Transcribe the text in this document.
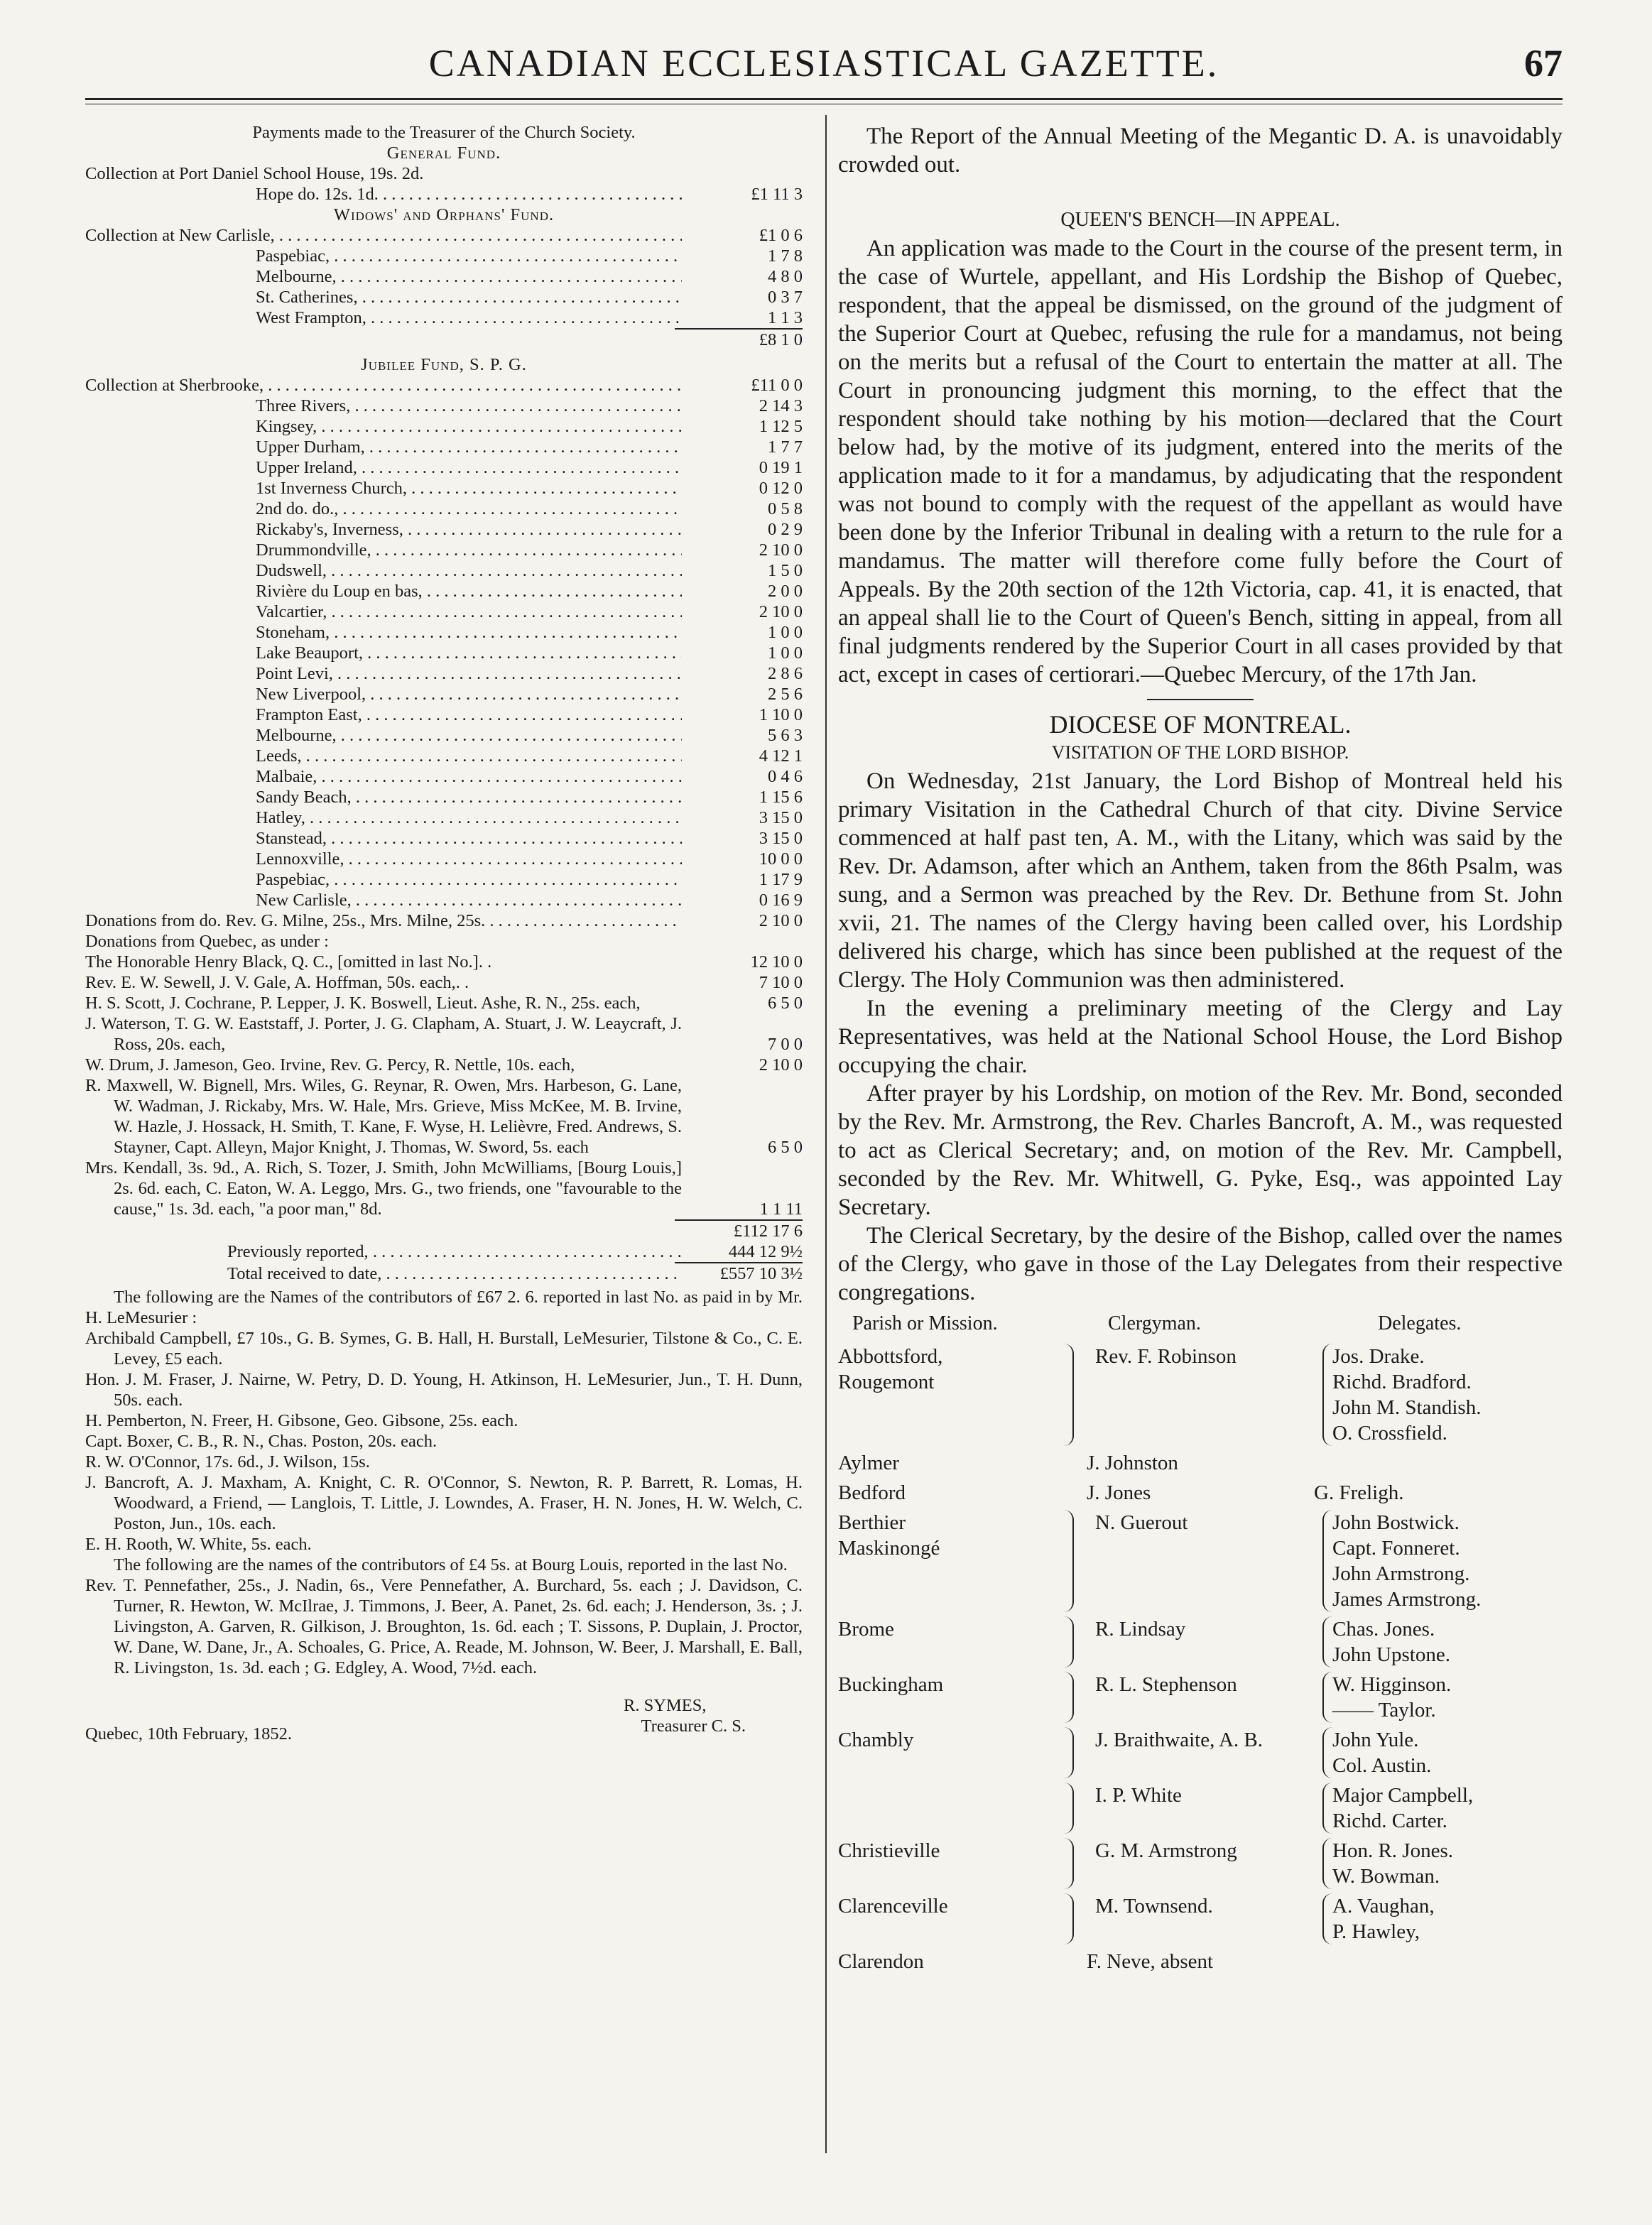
CANADIAN ECCLESIASTICAL GAZETTE.	67
Payments made to the Treasurer of the Church Society.
General Fund.
Collection at Port Daniel School House, 19s. 2d.
Hope do. 12s. 1d. . . .	£1 11 3
Widows' and Orphans' Fund.
Collection at New Carlisle, . . .	£1 0 6
Paspebiac, . . .	1 7 8
Melbourne, . . .	4 8 0
St. Catherines, . . .	0 3 7
West Frampton, . . .	1 1 3
£8 1 0
Jubilee Fund, S. P. G.
Collection at Sherbrooke, . . .	£11 0 0
Three Rivers, . . .	2 14 3
Kingsey, . . .	1 12 5
Upper Durham, . . .	1 7 7
Upper Ireland, . . .	0 19 1
1st Inverness Church, . . .	0 12 0
2nd do. do., . . .	0 5 8
Rickaby's, Inverness, . . .	0 2 9
Drummondville, . . .	2 10 0
Dudswell, . . .	1 5 0
Rivière du Loup en bas, . . .	2 0 0
Valcartier, . . .	2 10 0
Stoneham, . . .	1 0 0
Lake Beauport, . . .	1 0 0
Point Levi, . . .	2 8 6
New Liverpool, . . .	2 5 6
Frampton East, . . .	1 10 0
Melbourne, . . .	5 6 3
Leeds, . . .	4 12 1
Malbaie, . . .	0 4 6
Sandy Beach, . . .	1 15 6
Hatley, . . .	3 15 0
Stanstead, . . .	3 15 0
Lennoxville, . . .	10 0 0
Paspebiac, . . .	1 17 9
New Carlisle, . . .	0 16 9
Donations from do. Rev. G. Milne, 25s., Mrs. Milne, 25s. . . .	2 10 0
Donations from Quebec, as under :
The Honorable Henry Black, Q. C., [omitted in last No.]. .	12 10 0
Rev. E. W. Sewell, J. V. Gale, A. Hoffman, 50s. each,. .	7 10 0
H. S. Scott, J. Cochrane, P. Lepper, J. K. Boswell, Lieut. Ashe, R. N., 25s. each,	6 5 0
J. Waterson, T. G. W. Eaststaff, J. Porter, J. G. Clapham, A. Stuart, J. W. Leaycraft, J. Ross, 20s. each,	7 0 0
W. Drum, J. Jameson, Geo. Irvine, Rev. G. Percy, R. Nettle, 10s. each,	2 10 0
R. Maxwell, W. Bignell, Mrs. Wiles, G. Reynar, R. Owen, Mrs. Harbeson, G. Lane, W. Wadman, J. Rickaby, Mrs. W. Hale, Mrs. Grieve, Miss McKee, M. B. Irvine, W. Hazle, J. Hossack, H. Smith, T. Kane, F. Wyse, H. Lelièvre, Fred. Andrews, S. Stayner, Capt. Alleyn, Major Knight, J. Thomas, W. Sword, 5s. each	6 5 0
Mrs. Kendall, 3s. 9d., A. Rich, S. Tozer, J. Smith, John McWilliams, [Bourg Louis,] 2s. 6d. each, C. Eaton, W. A. Leggo, Mrs. G., two friends, one "favourable to the cause," 1s. 3d. each, "a poor man," 8d.	1 1 11
£112 17 6
Previously reported, . . .	444 12 9½
Total received to date, . . .	£557 10 3½

The following are the Names of the contributors of £67 2. 6. reported in last No. as paid in by Mr. H. LeMesurier :

Archibald Campbell, £7 10s., G. B. Symes, G. B. Hall, H. Burstall, LeMesurier, Tilstone & Co., C. E. Levey, £5 each.

Hon. J. M. Fraser, J. Nairne, W. Petry, D. D. Young, H. Atkinson, H. LeMesurier, Jun., T. H. Dunn, 50s. each.

H. Pemberton, N. Freer, H. Gibsone, Geo. Gibsone, 25s. each.

Capt. Boxer, C. B., R. N., Chas. Poston, 20s. each.

R. W. O'Connor, 17s. 6d., J. Wilson, 15s.

J. Bancroft, A. J. Maxham, A. Knight, C. R. O'Connor, S. Newton, R. P. Barrett, R. Lomas, H. Woodward, a Friend, — Langlois, T. Little, J. Lowndes, A. Fraser, H. N. Jones, H. W. Welch, C. Poston, Jun., 10s. each.

E. H. Rooth, W. White, 5s. each.

The following are the names of the contributors of £4 5s. at Bourg Louis, reported in the last No.

Rev. T. Pennefather, 25s., J. Nadin, 6s., Vere Pennefather, A. Burchard, 5s. each ; J. Davidson, C. Turner, R. Hewton, W. McIlrae, J. Timmons, J. Beer, A. Panet, 2s. 6d. each; J. Henderson, 3s. ; J. Livingston, A. Garven, R. Gilkison, J. Broughton, 1s. 6d. each ; T. Sissons, P. Duplain, J. Proctor, W. Dane, W. Dane, Jr., A. Schoales, G. Price, A. Reade, M. Johnson, W. Beer, J. Marshall, E. Ball, R. Livingston, 1s. 3d. each ; G. Edgley, A. Wood, 7½d. each.

Quebec, 10th February, 1852.
R. SYMES,
Treasurer C. S.

The Report of the Annual Meeting of the Megantic D. A. is unavoidably crowded out.

QUEEN'S BENCH—IN APPEAL.

An application was made to the Court in the course of the present term, in the case of Wurtele, appellant, and His Lordship the Bishop of Quebec, respondent, that the appeal be dismissed, on the ground of the judgment of the Superior Court at Quebec, refusing the rule for a mandamus, not being on the merits but a refusal of the Court to entertain the matter at all. The Court in pronouncing judgment this morning, to the effect that the respondent should take nothing by his motion—declared that the Court below had, by the motive of its judgment, entered into the merits of the application made to it for a mandamus, by adjudicating that the respondent was not bound to comply with the request of the appellant as would have been done by the Inferior Tribunal in dealing with a return to the rule for a mandamus. The matter will therefore come fully before the Court of Appeals. By the 20th section of the 12th Victoria, cap. 41, it is enacted, that an appeal shall lie to the Court of Queen's Bench, sitting in appeal, from all final judgments rendered by the Superior Court in all cases provided by that act, except in cases of certiorari.—Quebec Mercury, of the 17th Jan.

DIOCESE OF MONTREAL.
VISITATION OF THE LORD BISHOP.

On Wednesday, 21st January, the Lord Bishop of Montreal held his primary Visitation in the Cathedral Church of that city. Divine Service commenced at half past ten, A. M., with the Litany, which was said by the Rev. Dr. Adamson, after which an Anthem, taken from the 86th Psalm, was sung, and a Sermon was preached by the Rev. Dr. Bethune from St. John xvii, 21. The names of the Clergy having been called over, his Lordship delivered his charge, which has since been published at the request of the Clergy. The Holy Communion was then administered.

In the evening a preliminary meeting of the Clergy and Lay Representatives, was held at the National School House, the Lord Bishop occupying the chair.

After prayer by his Lordship, on motion of the Rev. Mr. Bond, seconded by the Rev. Mr. Armstrong, the Rev. Charles Bancroft, A. M., was requested to act as Clerical Secretary; and, on motion of the Rev. Mr. Campbell, seconded by the Rev. Mr. Whitwell, G. Pyke, Esq., was appointed Lay Secretary.

The Clerical Secretary, by the desire of the Bishop, called over the names of the Clergy, who gave in those of the Lay Delegates from their respective congregations.

Parish or Mission.	Clergyman.	Delegates.
Abbottsford,
Rougemont
Rev. F. Robinson	Jos. Drake.
Richd. Bradford.
John M. Standish.
O. Crossfield.
Aylmer	J. Johnston
Bedford	J. Jones	G. Freligh.
Berthier
Maskinongé
N. Guerout	John Bostwick.
Capt. Fonneret.
John Armstrong.
James Armstrong.
Brome	R. Lindsay	Chas. Jones.
John Upstone.
Buckingham	R. L. Stephenson	W. Higginson.
—— Taylor.
Chambly	J. Braithwaite, A. B.	John Yule.
Col. Austin.
I. P. White	Major Campbell,
Richd. Carter.
Christieville	G. M. Armstrong	Hon. R. Jones.
W. Bowman.
Clarenceville	M. Townsend.	A. Vaughan,
P. Hawley,
Clarendon	F. Neve, absent
